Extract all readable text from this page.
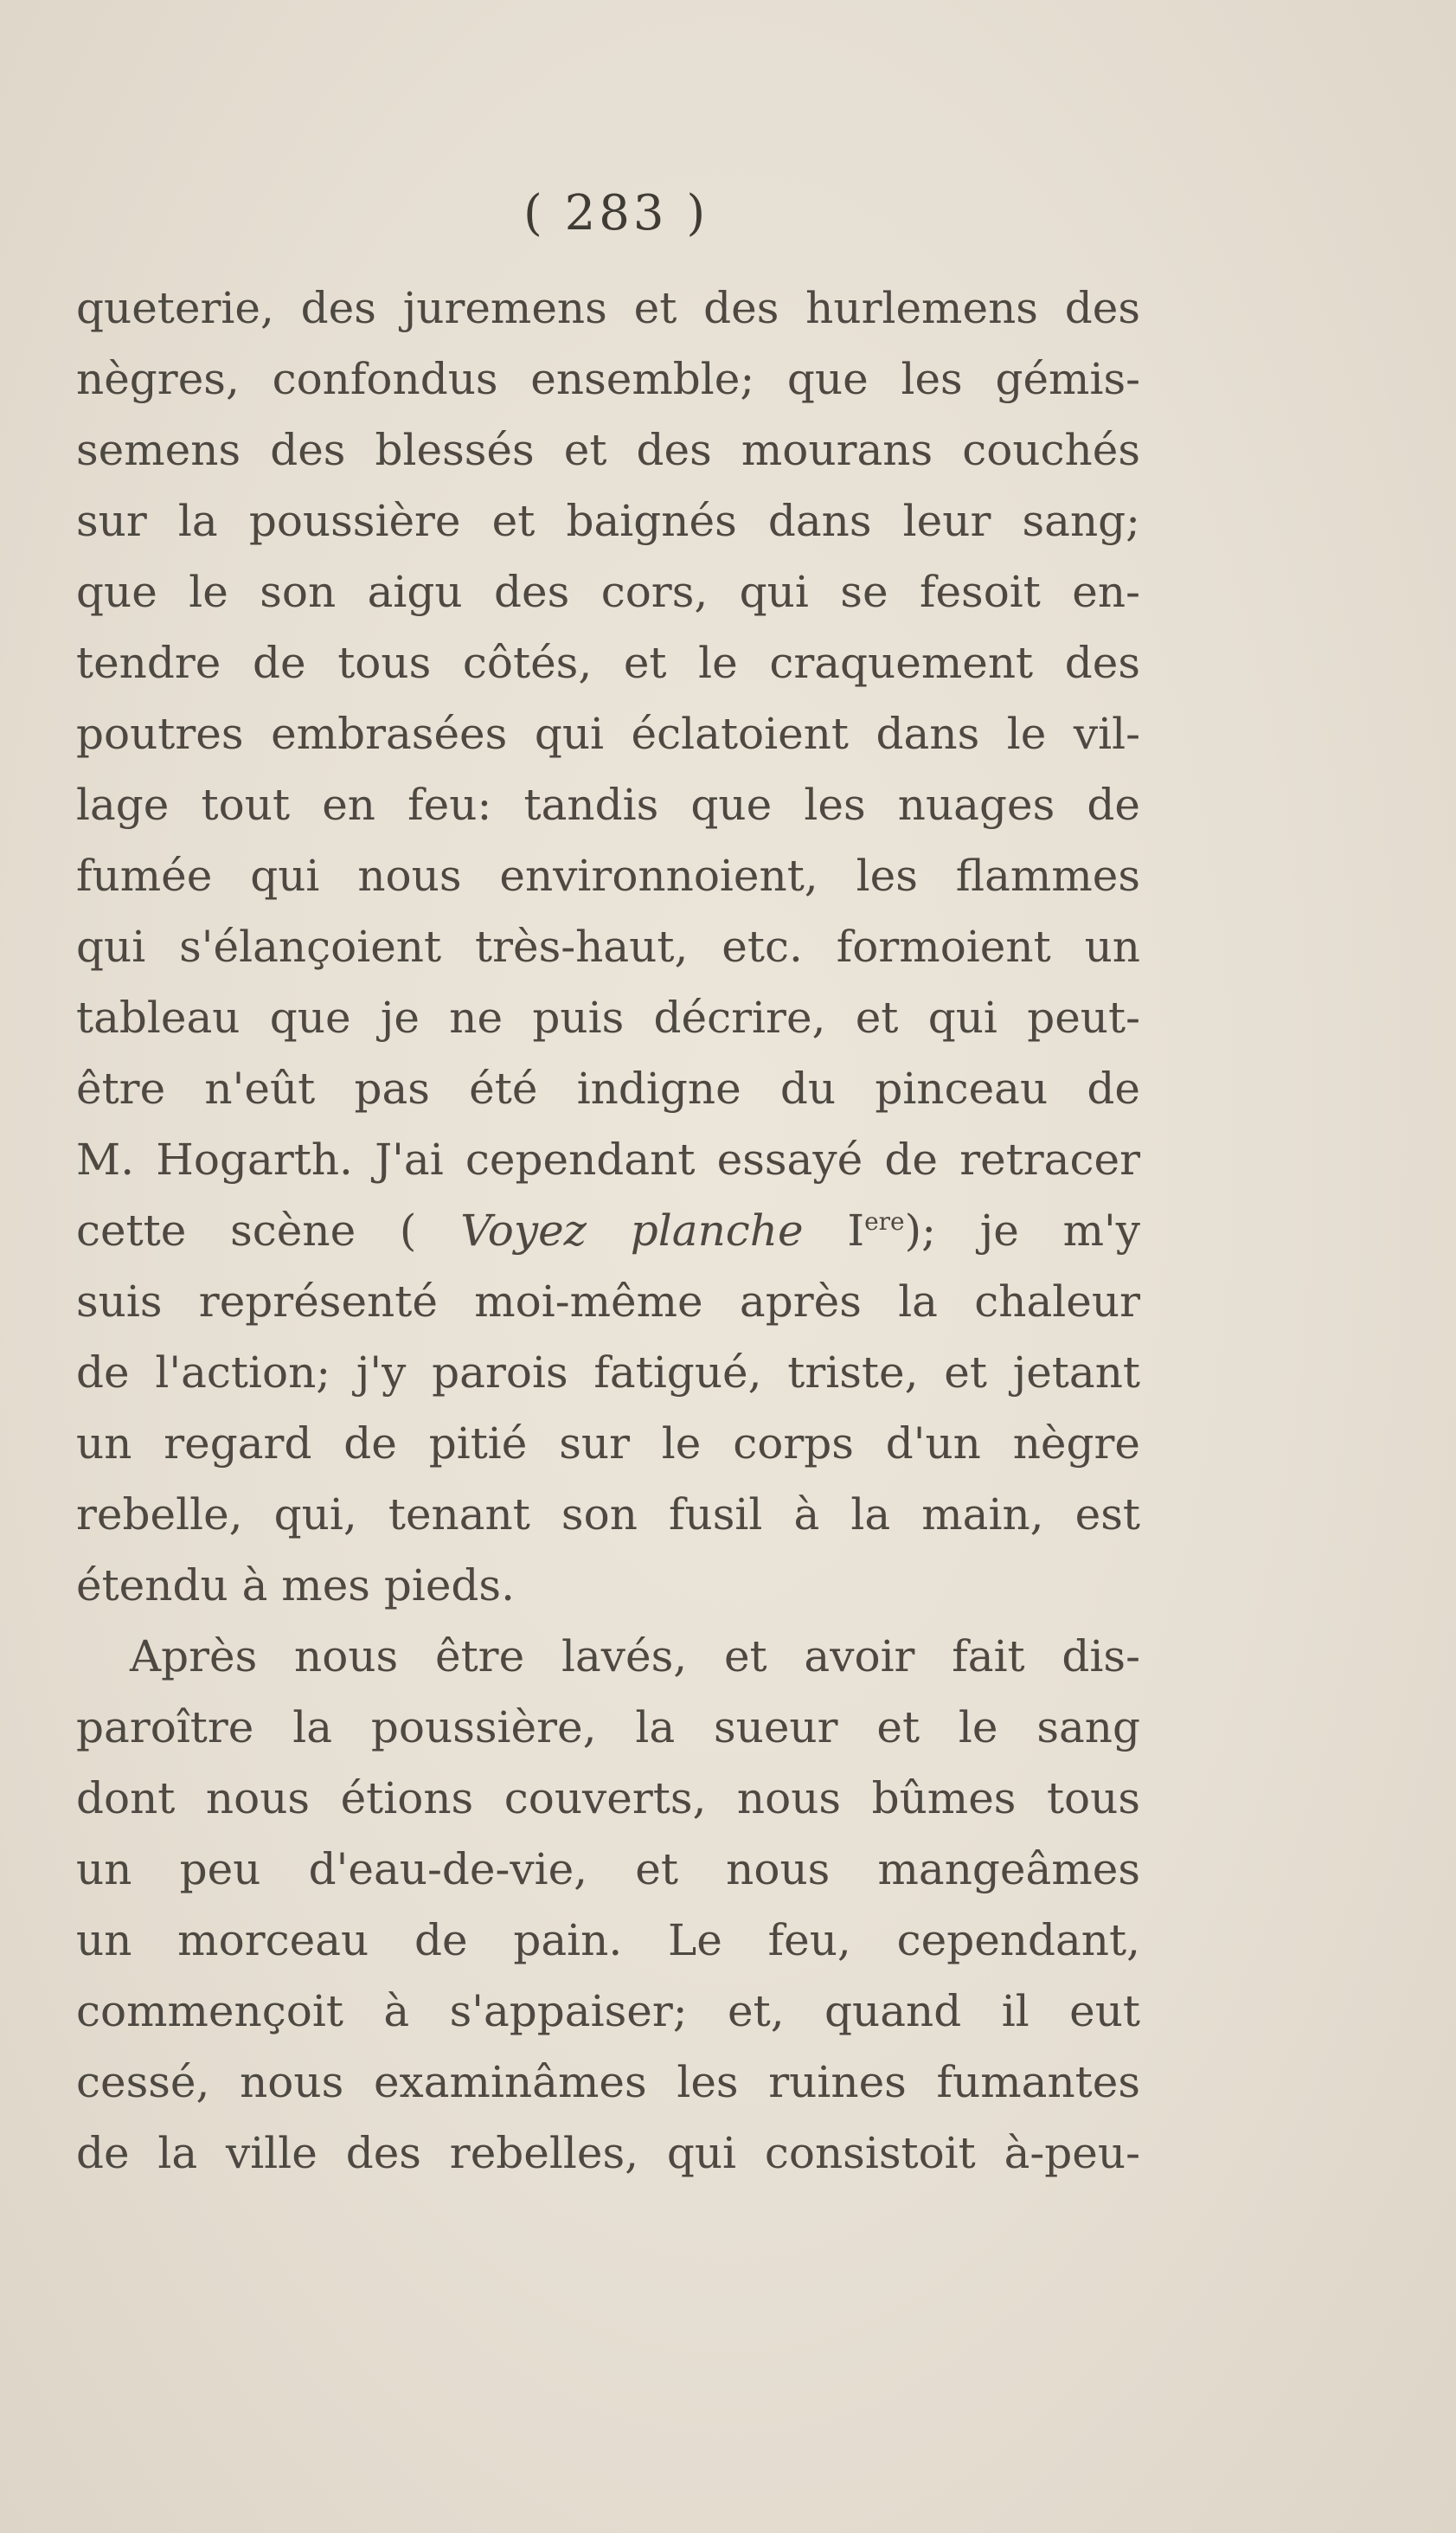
( 283 )
queterie, des juremens et des hurlemens des
nègres, confondus ensemble; que les gémis-
semens des blessés et des mourans couchés
sur la poussière et baignés dans leur sang;
que le son aigu des cors, qui se fesoit en-
tendre de tous côtés, et le craquement des
poutres embrasées qui éclatoient dans le vil-
lage tout en feu: tandis que les nuages de
fumée qui nous environnoient, les flammes
qui s'élançoient très-haut, etc. formoient un
tableau que je ne puis décrire, et qui peut-
être n'eût pas été indigne du pinceau de
M. Hogarth. J'ai cependant essayé de retracer
cette scène ( Voyez planche Iere); je m'y
suis représenté moi-même après la chaleur
de l'action; j'y parois fatigué, triste, et jetant
un regard de pitié sur le corps d'un nègre
rebelle, qui, tenant son fusil à la main, est
étendu à mes pieds.
Après nous être lavés, et avoir fait dis-
paroître la poussière, la sueur et le sang
dont nous étions couverts, nous bûmes tous
un peu d'eau-de-vie, et nous mangeâmes
un morceau de pain. Le feu, cependant,
commençoit à s'appaiser; et, quand il eut
cessé, nous examinâmes les ruines fumantes
de la ville des rebelles, qui consistoit à-peu-
